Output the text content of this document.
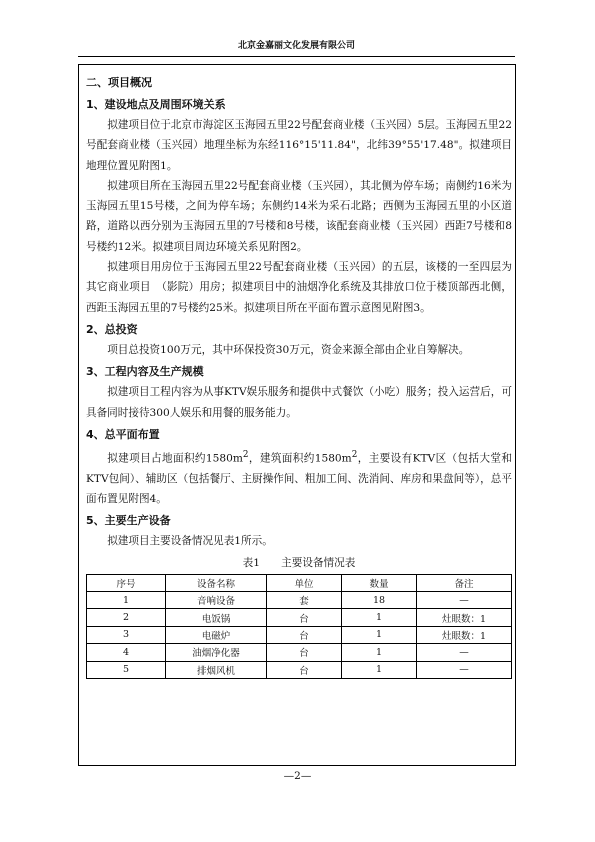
北京金嘉丽文化发展有限公司
二、项目概况
1、建设地点及周围环境关系

拟建项目位于北京市海淀区玉海园五里22号配套商业楼（玉兴园）5层。玉海园五里22号配套商业楼（玉兴园）地理坐标为东经116°15'11.84"，北纬39°55'17.48"。拟建项目地理位置见附图1。

拟建项目所在玉海园五里22号配套商业楼（玉兴园），其北侧为停车场；南侧约16米为玉海园五里15号楼，之间为停车场；东侧约14米为采石北路；西侧为玉海园五里的小区道路，道路以西分别为玉海园五里的7号楼和8号楼，该配套商业楼（玉兴园）西距7号楼和8号楼约12米。拟建项目周边环境关系见附图2。

拟建项目用房位于玉海园五里22号配套商业楼（玉兴园）的五层，该楼的一至四层为其它商业项目　（影院）用房；拟建项目中的油烟净化系统及其排放口位于楼顶部西北侧，西距玉海园五里的7号楼约25米。拟建项目所在平面布置示意图见附图3。

2、总投资

项目总投资100万元，其中环保投资30万元，资金来源全部由企业自筹解决。

3、工程内容及生产规模

拟建项目工程内容为从事KTV娱乐服务和提供中式餐饮（小吃）服务；投入运营后，可具备同时接待300人娱乐和用餐的服务能力。

4、总平面布置

拟建项目占地面积约$1580m^2$，建筑面积约$1580m^2$，主要设有KTV区（包括大堂和KTV包间）、辅助区（包括餐厅、主厨操作间、粗加工间、洗消间、库房和果盘间等），总平面布置见附图4。

5、主要生产设备

拟建项目主要设备情况见表1所示。

表1　　主要设备情况表
序号	设备名称	单位	数量	备注
1	音响设备	套	18	—
2	电饭锅	台	1	灶眼数：1
3	电磁炉	台	1	灶眼数：1
4	油烟净化器	台	1	—
5	排烟风机	台	1	—
—2—
